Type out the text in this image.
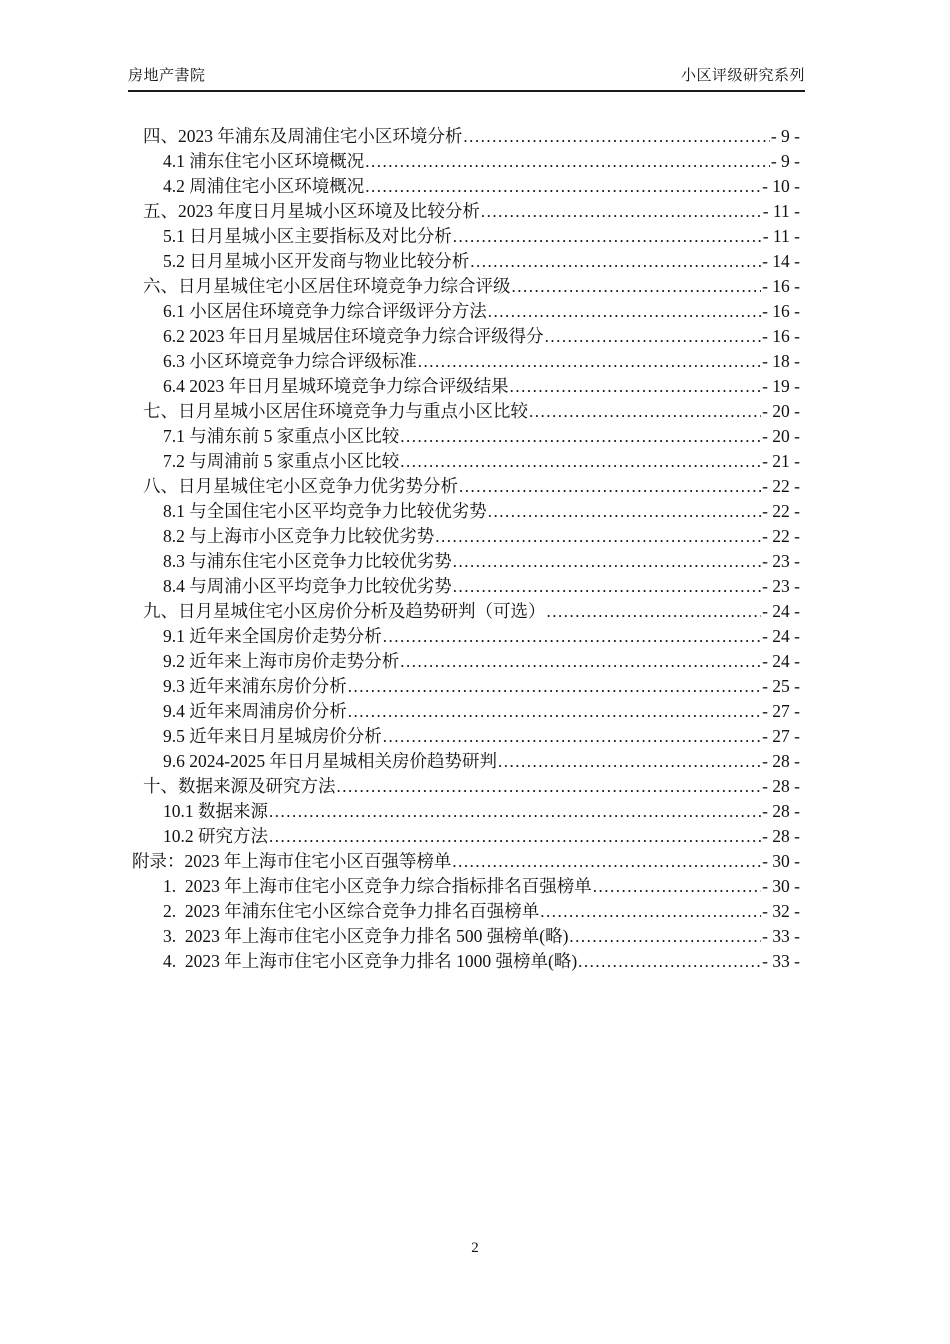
房地产書院	小区评级研究系列
四、2023 年浦东及周浦住宅小区环境分析 .....	- 9 -
4.1 浦东住宅小区环境概况 .....	- 9 -
4.2 周浦住宅小区环境概况 .....	- 10 -
五、2023 年度日月星城小区环境及比较分析 .....	- 11 -
5.1 日月星城小区主要指标及对比分析 .....	- 11 -
5.2 日月星城小区开发商与物业比较分析 .....	- 14 -
六、日月星城住宅小区居住环境竞争力综合评级 .....	- 16 -
6.1 小区居住环境竞争力综合评级评分方法 .....	- 16 -
6.2 2023 年日月星城居住环境竞争力综合评级得分 .....	- 16 -
6.3 小区环境竞争力综合评级标准 .....	- 18 -
6.4 2023 年日月星城环境竞争力综合评级结果 .....	- 19 -
七、日月星城小区居住环境竞争力与重点小区比较 .....	- 20 -
7.1 与浦东前 5 家重点小区比较 .....	- 20 -
7.2 与周浦前 5 家重点小区比较 .....	- 21 -
八、日月星城住宅小区竞争力优劣势分析 .....	- 22 -
8.1 与全国住宅小区平均竞争力比较优劣势 .....	- 22 -
8.2 与上海市小区竞争力比较优劣势 .....	- 22 -
8.3 与浦东住宅小区竞争力比较优劣势 .....	- 23 -
8.4 与周浦小区平均竞争力比较优劣势 .....	- 23 -
九、日月星城住宅小区房价分析及趋势研判（可选） .....	- 24 -
9.1 近年来全国房价走势分析 .....	- 24 -
9.2 近年来上海市房价走势分析 .....	- 24 -
9.3 近年来浦东房价分析 .....	- 25 -
9.4 近年来周浦房价分析 .....	- 27 -
9.5 近年来日月星城房价分析 .....	- 27 -
9.6 2024-2025 年日月星城相关房价趋势研判 .....	- 28 -
十、数据来源及研究方法 .....	- 28 -
10.1 数据来源 .....	- 28 -
10.2 研究方法 .....	- 28 -
附录：2023 年上海市住宅小区百强等榜单 .....	- 30 -
1.  2023 年上海市住宅小区竞争力综合指标排名百强榜单 .....	- 30 -
2.  2023 年浦东住宅小区综合竞争力排名百强榜单 .....	- 32 -
3.  2023 年上海市住宅小区竞争力排名 500 强榜单(略) .....	- 33 -
4.  2023 年上海市住宅小区竞争力排名 1000 强榜单(略) .....	- 33 -
2
